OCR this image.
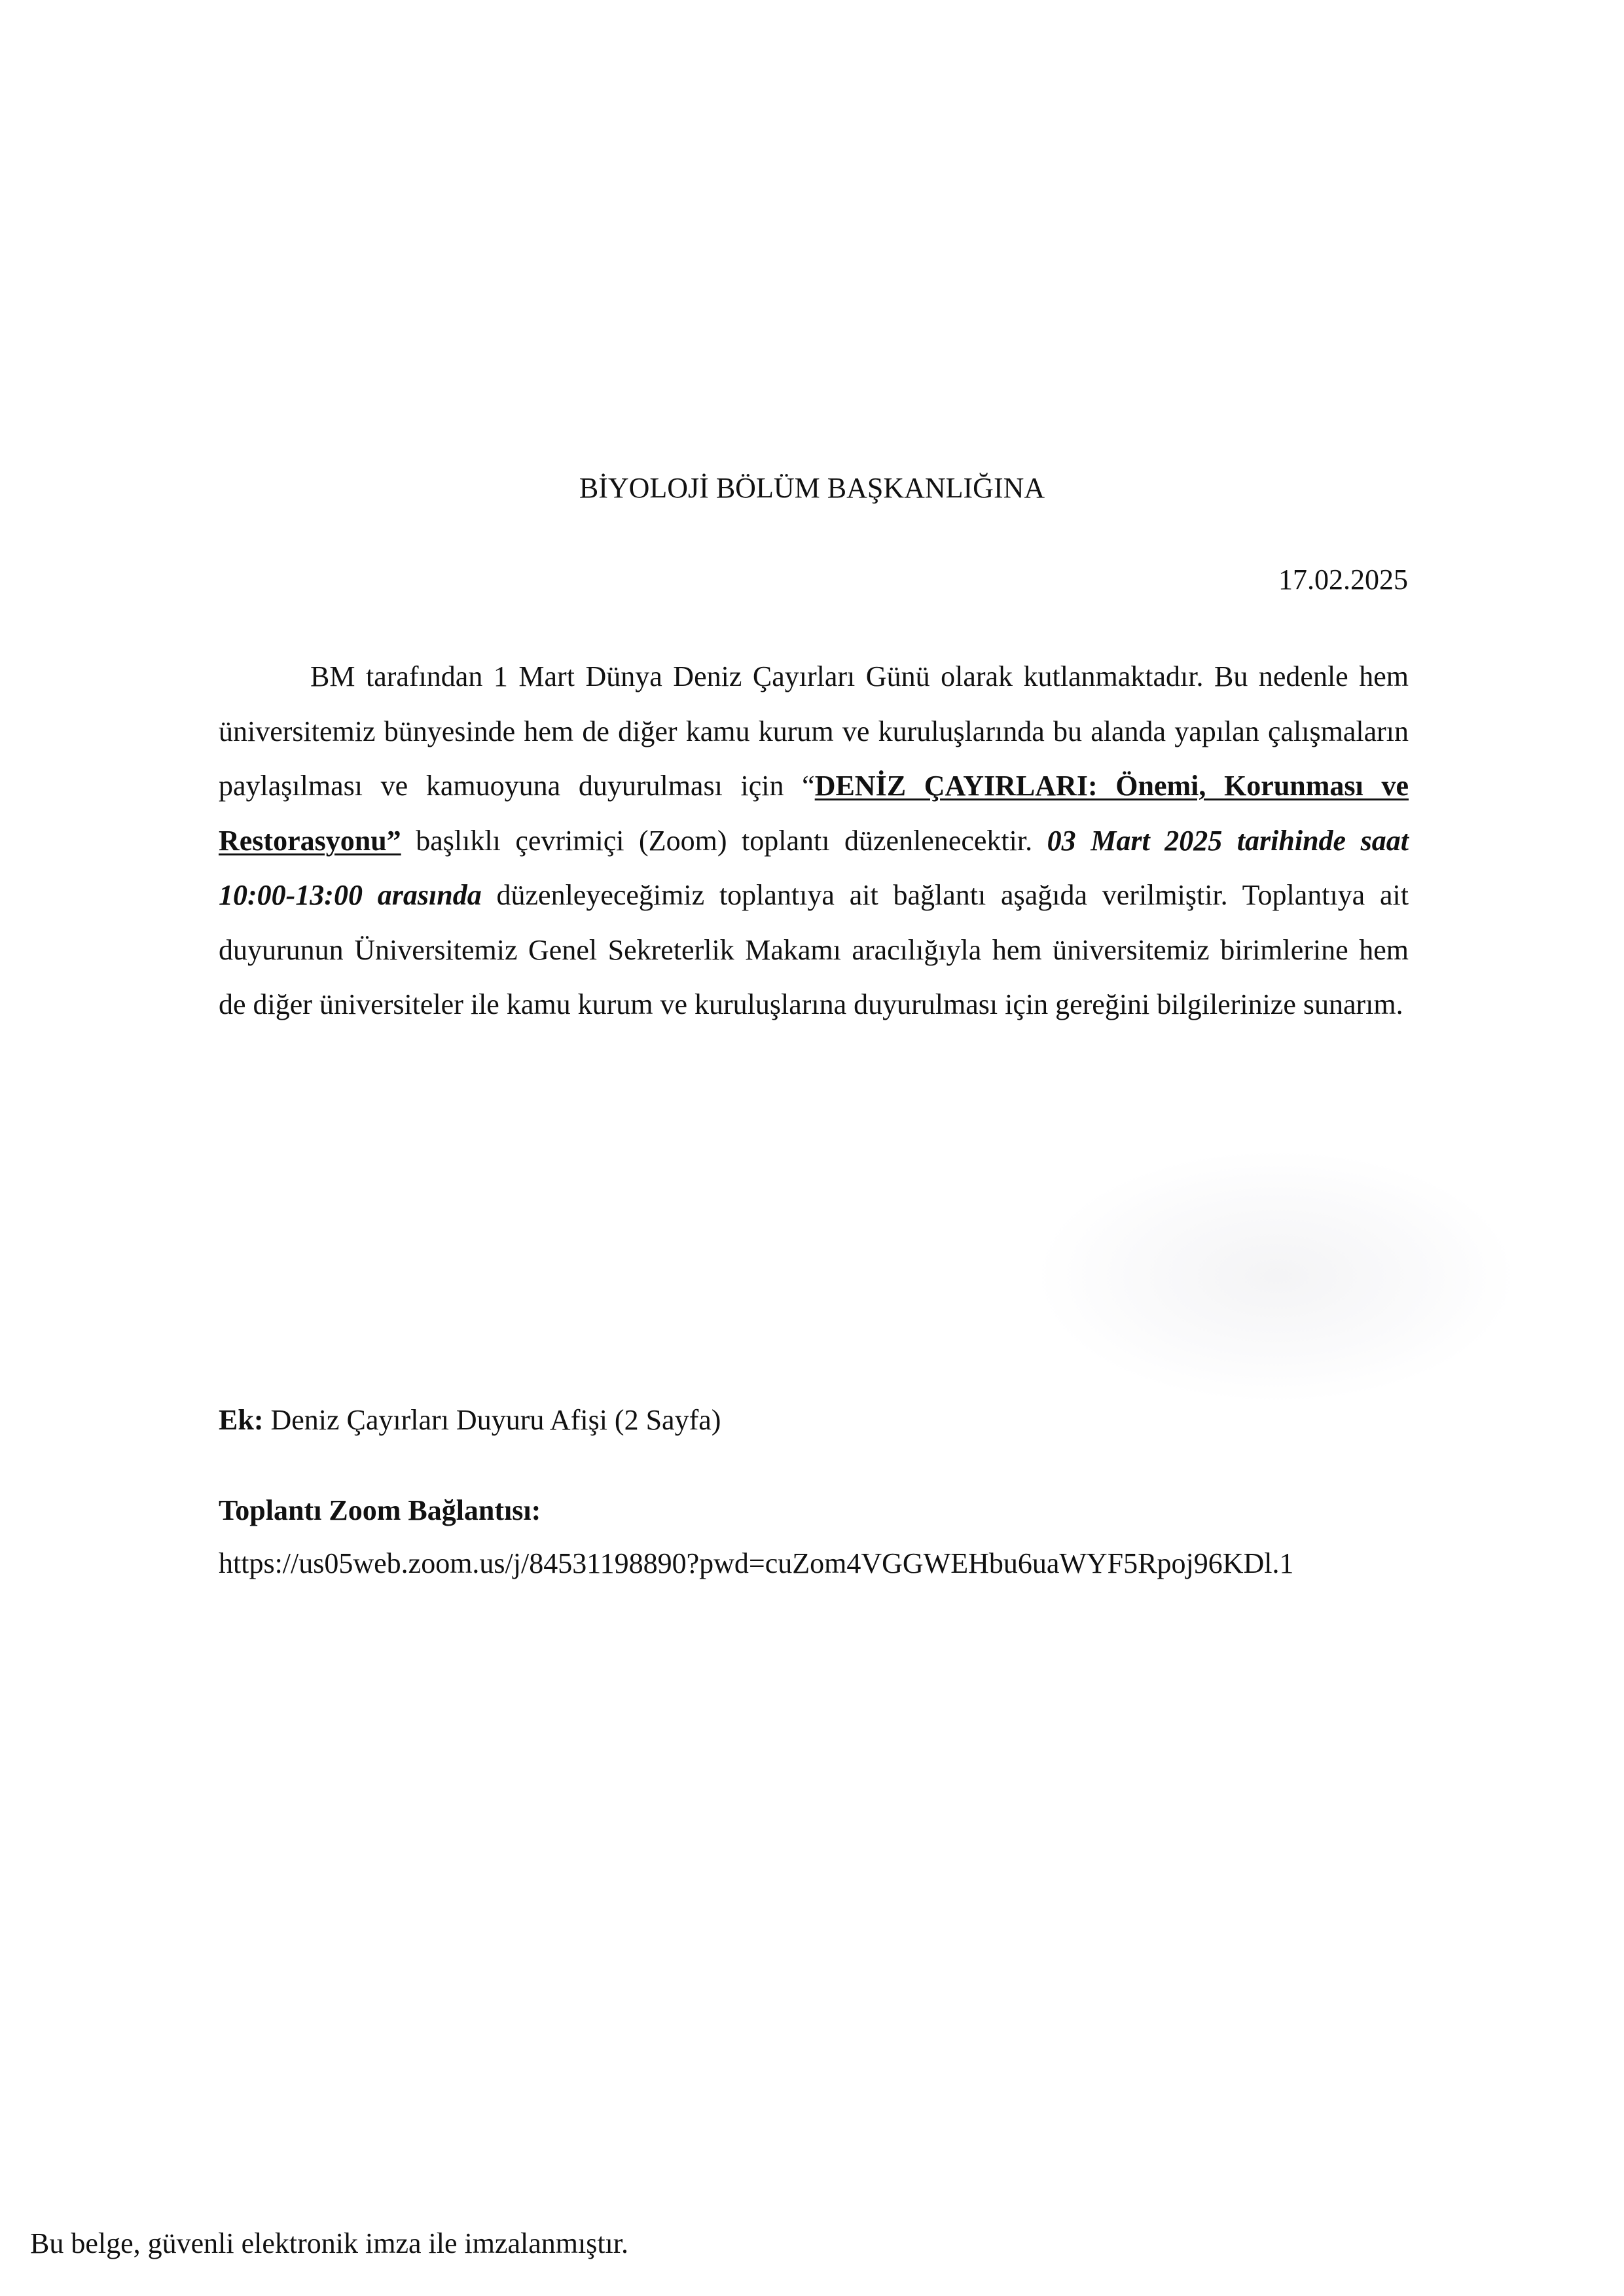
BİYOLOJİ BÖLÜM BAŞKANLIĞINA
17.02.2025

BM tarafından 1 Mart Dünya Deniz Çayırları Günü olarak kutlanmaktadır. Bu nedenle hem üniversitemiz bünyesinde hem de diğer kamu kurum ve kuruluşlarında bu alanda yapılan çalışmaların paylaşılması ve kamuoyuna duyurulması için “DENİZ ÇAYIRLARI: Önemi, Korunması ve Restorasyonu” başlıklı çevrimiçi (Zoom) toplantı düzenlenecektir. 03 Mart 2025 tarihinde saat 10:00-13:00 arasında düzenleyeceğimiz toplantıya ait bağlantı aşağıda verilmiştir. Toplantıya ait duyurunun Üniversitemiz Genel Sekreterlik Makamı aracılığıyla hem üniversitemiz birimlerine hem de diğer üniversiteler ile kamu kurum ve kuruluşlarına duyurulması için gereğini bilgilerinize sunarım.

Ek: Deniz Çayırları Duyuru Afişi (2 Sayfa)
Toplantı Zoom Bağlantısı:
https://us05web.zoom.us/j/84531198890?pwd=cuZom4VGGWEHbu6uaWYF5Rpoj96KDl.1
Bu belge, güvenli elektronik imza ile imzalanmıştır.
